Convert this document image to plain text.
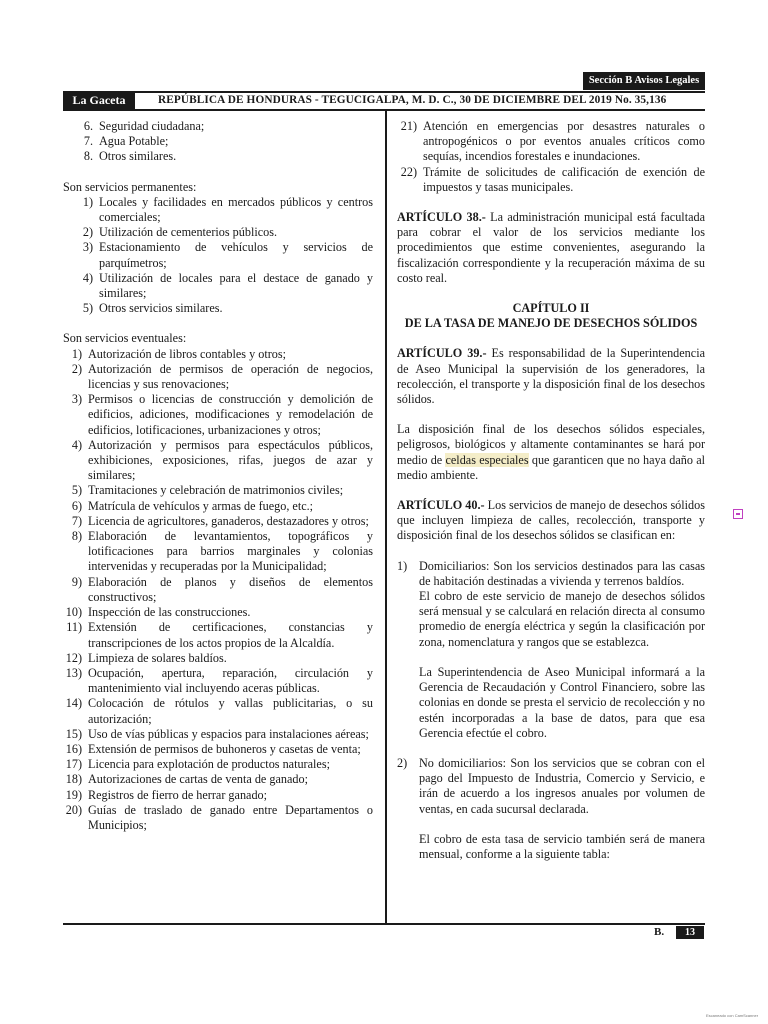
Sección B Avisos Legales
La Gaceta	REPÚBLICA DE HONDURAS - TEGUCIGALPA, M. D. C., 30 DE DICIEMBRE DEL 2019 No. 35,136
6. Seguridad ciudadana;
7. Agua Potable;
8. Otros similares.
Son servicios permanentes:
1) Locales y facilidades en mercados públicos y centros comerciales;
2) Utilización de cementerios públicos.
3) Estacionamiento de vehículos y servicios de parquímetros;
4) Utilización de locales para el destace de ganado y similares;
5) Otros servicios similares.
Son servicios eventuales:
1) Autorización de libros contables y otros;
2) Autorización de permisos de operación de negocios, licencias y sus renovaciones;
3) Permisos o licencias de construcción y demolición de edificios, adiciones, modificaciones y remodelación de edificios, lotificaciones, urbanizaciones y otros;
4) Autorización y permisos para espectáculos públicos, exhibiciones, exposiciones, rifas, juegos de azar y similares;
5) Tramitaciones y celebración de matrimonios civiles;
6) Matrícula de vehículos y armas de fuego, etc.;
7) Licencia de agricultores, ganaderos, destazadores y otros;
8) Elaboración de levantamientos, topográficos y lotificaciones para barrios marginales y colonias intervenidas y recuperadas por la Municipalidad;
9) Elaboración de planos y diseños de elementos constructivos;
10) Inspección de las construcciones.
11) Extensión de certificaciones, constancias y transcripciones de los actos propios de la Alcaldía.
12) Limpieza de solares baldíos.
13) Ocupación, apertura, reparación, circulación y mantenimiento vial incluyendo aceras públicas.
14) Colocación de rótulos y vallas publicitarias, o su autorización;
15) Uso de vías públicas y espacios para instalaciones aéreas;
16) Extensión de permisos de buhoneros y casetas de venta;
17) Licencia para explotación de productos naturales;
18) Autorizaciones de cartas de venta de ganado;
19) Registros de fierro de herrar ganado;
20) Guías de traslado de ganado entre Departamentos o Municipios;
21) Atención en emergencias por desastres naturales o antropogénicos o por eventos anuales críticos como sequías, incendios forestales e inundaciones.
22) Trámite de solicitudes de calificación de exención de impuestos y tasas municipales.
ARTÍCULO 38.- La administración municipal está facultada para cobrar el valor de los servicios mediante los procedimientos que estime convenientes, asegurando la fiscalización correspondiente y la recuperación máxima de su costo real.
CAPÍTULO II
DE LA TASA DE MANEJO DE DESECHOS SÓLIDOS
ARTÍCULO 39.- Es responsabilidad de la Superintendencia de Aseo Municipal la supervisión de los generadores, la recolección, el transporte y la disposición final de los desechos sólidos.
La disposición final de los desechos sólidos especiales, peligrosos, biológicos y altamente contaminantes se hará por medio de celdas especiales que garanticen que no haya daño al medio ambiente.
ARTÍCULO 40.- Los servicios de manejo de desechos sólidos que incluyen limpieza de calles, recolección, transporte y disposición final de los desechos sólidos se clasifican en:
1) Domiciliarios: Son los servicios destinados para las casas de habitación destinadas a vivienda y terrenos baldíos.
El cobro de este servicio de manejo de desechos sólidos será mensual y se calculará en relación directa al consumo promedio de energía eléctrica y según la clasificación por zona, nomenclatura y rangos que se establezca.
La Superintendencia de Aseo Municipal informará a la Gerencia de Recaudación y Control Financiero, sobre las colonias en donde se presta el servicio de recolección y no estén incorporadas a la base de datos, para que esa Gerencia efectúe el cobro.
2) No domiciliarios: Son los servicios que se cobran con el pago del Impuesto de Industria, Comercio y Servicio, e irán de acuerdo a los ingresos anuales por volumen de ventas, en cada sucursal declarada.
El cobro de esta tasa de servicio también será de manera mensual, conforme a la siguiente tabla:
B.	13
Escaneado con CamScanner
